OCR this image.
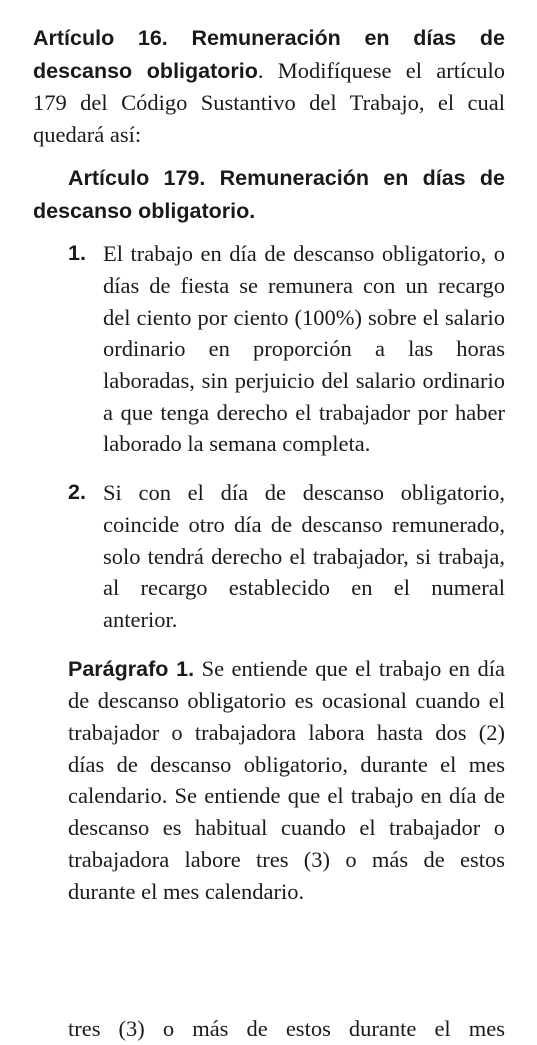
Artículo 16. Remuneración en días de descanso obligatorio. Modifíquese el artículo 179 del Código Sustantivo del Trabajo, el cual quedará así:

Artículo 179. Remuneración en días de descanso obligatorio.

1. El trabajo en día de descanso obligatorio, o días de fiesta se remunera con un recargo del ciento por ciento (100%) sobre el salario ordinario en proporción a las horas laboradas, sin perjuicio del salario ordinario a que tenga derecho el trabajador por haber laborado la semana completa.

2. Si con el día de descanso obligatorio, coincide otro día de descanso remunerado, solo tendrá derecho el trabajador, si trabaja, al recargo establecido en el numeral anterior.

Parágrafo 1. Se entiende que el trabajo en día de descanso obligatorio es ocasional cuando el trabajador o trabajadora labora hasta dos (2) días de descanso obligatorio, durante el mes calendario. Se entiende que el trabajo en día de descanso es habitual cuando el trabajador o trabajadora labore tres (3) o más de estos durante el mes calendario.

tres (3) o más de estos durante el mes
